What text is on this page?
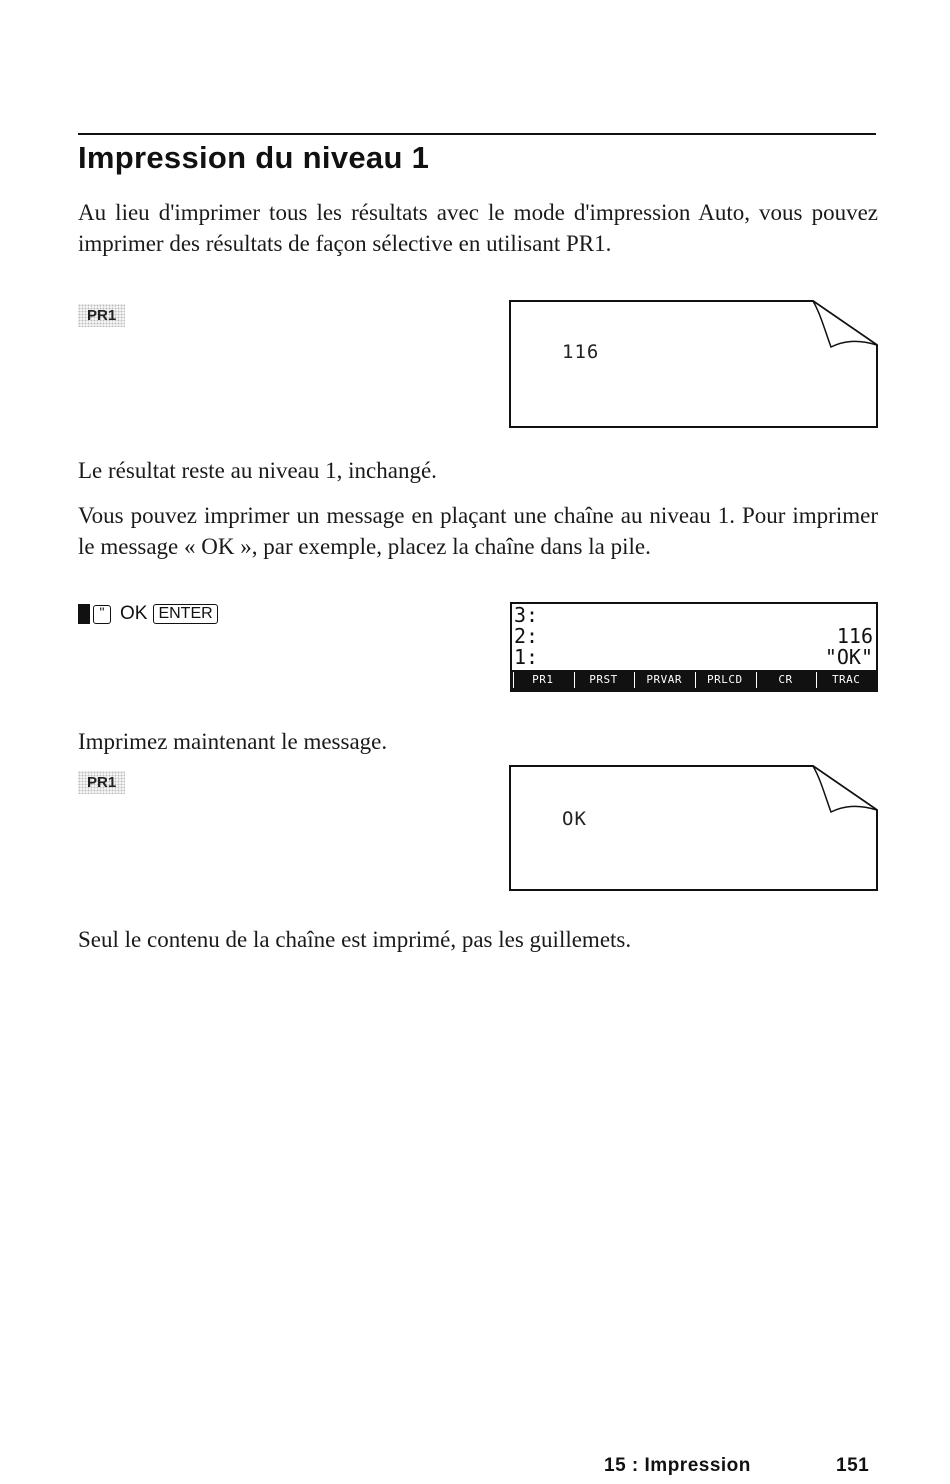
Impression du niveau 1

Au lieu d'imprimer tous les résultats avec le mode d'impression Auto, vous pouvez imprimer des résultats de façon sélective en utilisant PR1.

PR1
116

Le résultat reste au niveau 1, inchangé.

Vous pouvez imprimer un message en plaçant une chaîne au niveau 1. Pour imprimer le message « OK », par exemple, placez la chaîne dans la pile.

" OK ENTER	3:
2:	116
1:	"OK"
PR1	PRST	PRVAR	PRLCD	CR	TRAC

Imprimez maintenant le message.

PR1
OK

Seul le contenu de la chaîne est imprimé, pas les guillemets.

15 : Impression	151
